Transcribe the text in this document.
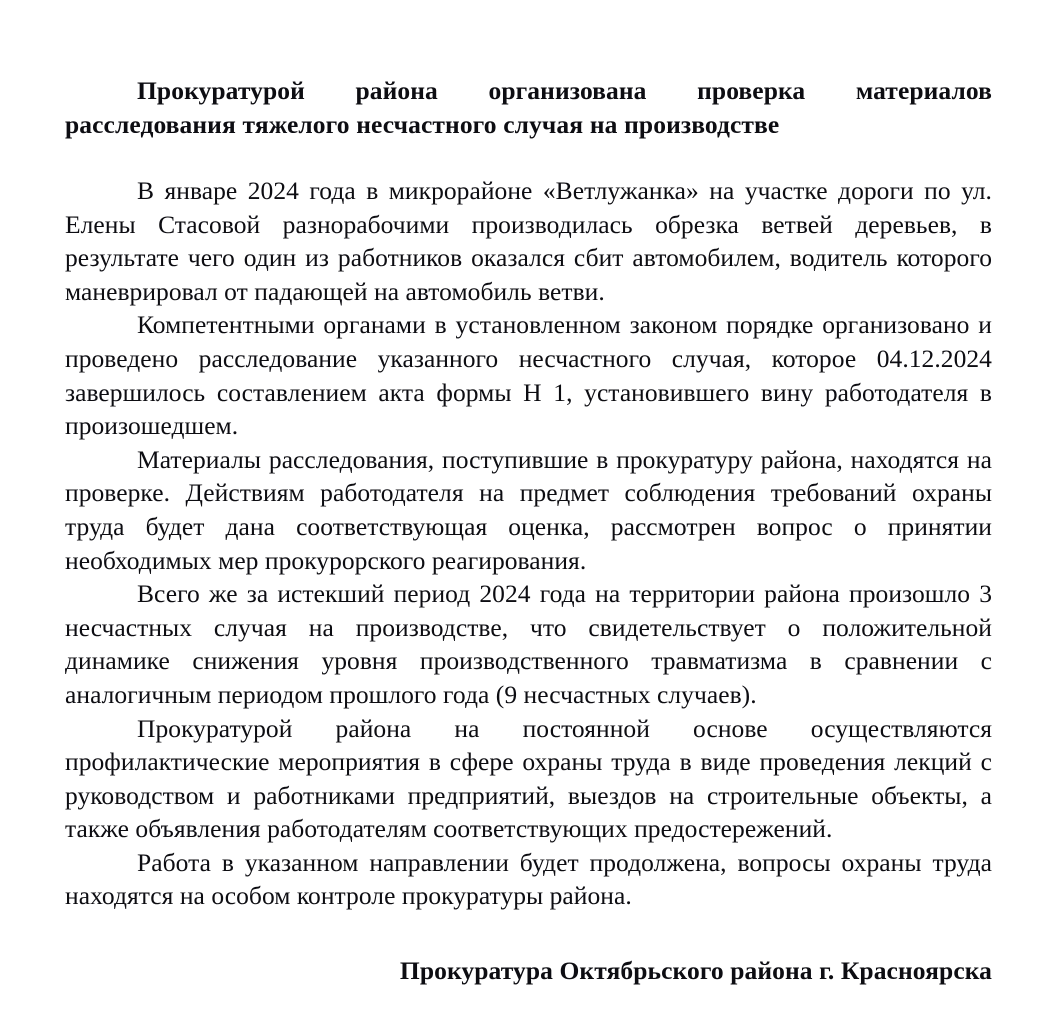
Прокуратурой района организована проверка материалов расследования тяжелого несчастного случая на производстве

В январе 2024 года в микрорайоне «Ветлужанка» на участке дороги по ул. Елены Стасовой разнорабочими производилась обрезка ветвей деревьев, в результате чего один из работников оказался сбит автомобилем, водитель которого маневрировал от падающей на автомобиль ветви.

Компетентными органами в установленном законом порядке организовано и проведено расследование указанного несчастного случая, которое 04.12.2024 завершилось составлением акта формы Н 1, установившего вину работодателя в произошедшем.

Материалы расследования, поступившие в прокуратуру района, находятся на проверке. Действиям работодателя на предмет соблюдения требований охраны труда будет дана соответствующая оценка, рассмотрен вопрос о принятии необходимых мер прокурорского реагирования.

Всего же за истекший период 2024 года на территории района произошло 3 несчастных случая на производстве, что свидетельствует о положительной динамике снижения уровня производственного травматизма в сравнении с аналогичным периодом прошлого года (9 несчастных случаев).

Прокуратурой района на постоянной основе осуществляются профилактические мероприятия в сфере охраны труда в виде проведения лекций с руководством и работниками предприятий, выездов на строительные объекты, а также объявления работодателям соответствующих предостережений.

Работа в указанном направлении будет продолжена, вопросы охраны труда находятся на особом контроле прокуратуры района.

Прокуратура Октябрьского района г. Красноярска
